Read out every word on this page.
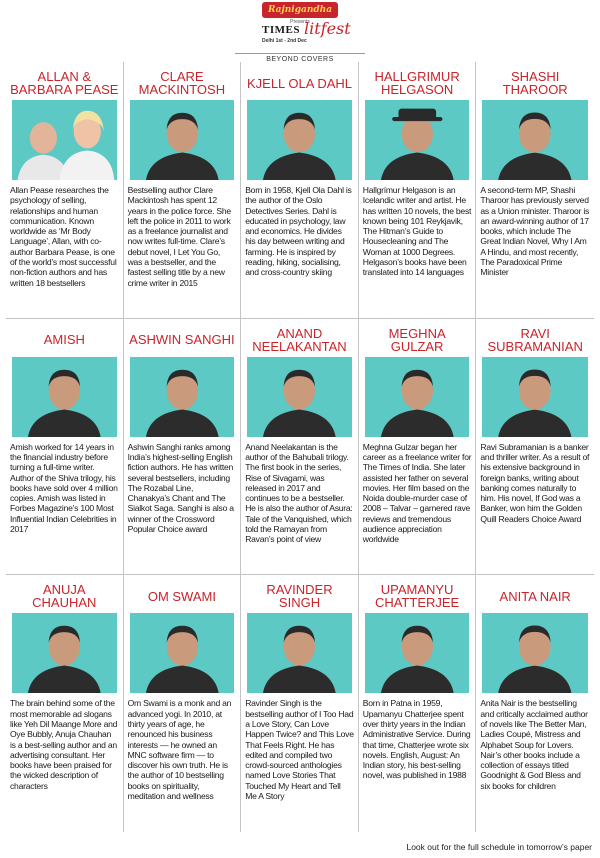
Rajnigandha
Presents
TIMES litfest
Delhi 1st - 2nd Dec
BEYOND COVERS
ALLAN & BARBARA PEASE
Allan Pease researches the psychology of selling, relationships and human communication. Known worldwide as ‘Mr Body Language’, Allan, with co-author Barbara Pease, is one of the world’s most successful non-fiction authors and has written 18 bestsellers
CLARE MACKINTOSH
Bestselling author Clare Mackintosh has spent 12 years in the police force. She left the police in 2011 to work as a freelance journalist and now writes full-time. Clare’s debut novel, I Let You Go, was a bestseller, and the fastest selling title by a new crime writer in 2015
KJELL OLA DAHL
Born in 1958, Kjell Ola Dahl is the author of the Oslo Detectives Series. Dahl is educated in psychology, law and economics. He divides his day between writing and farming. He is inspired by reading, hiking, socialising, and cross-country skiing
HALLGRIMUR HELGASON
Hallgrímur Helgason is an Icelandic writer and artist. He has written 10 novels, the best known being 101 Reykjavik, The Hitman’s Guide to Housecleaning and The Woman at 1000 Degrees. Helgason’s books have been translated into 14 languages
SHASHI THAROOR
A second-term MP, Shashi Tharoor has previously served as a Union minister. Tharoor is an award-winning author of 17 books, which include The Great Indian Novel, Why I Am A Hindu, and most recently, The Paradoxical Prime Minister
AMISH
Amish worked for 14 years in the financial industry before turning a full-time writer. Author of the Shiva trilogy, his books have sold over 4 million copies. Amish was listed in Forbes Magazine’s 100 Most Influential Indian Celebrities in 2017
ASHWIN SANGHI
Ashwin Sanghi ranks among India’s highest-selling English fiction authors. He has written several bestsellers, including The Rozabal Line, Chanakya’s Chant and The Sialkot Saga. Sanghi is also a winner of the Crossword Popular Choice award
ANAND NEELAKANTAN
Anand Neelakantan is the author of the Bahubali trilogy. The first book in the series, Rise of Sivagami, was released in 2017 and continues to be a bestseller. He is also the author of Asura: Tale of the Vanquished, which told the Ramayan from Ravan’s point of view
MEGHNA GULZAR
Meghna Gulzar began her career as a freelance writer for The Times of India. She later assisted her father on several movies. Her film based on the Noida double-murder case of 2008 – Talvar – garnered rave reviews and tremendous audience appreciation worldwide
RAVI SUBRAMANIAN
Ravi Subramanian is a banker and thriller writer. As a result of his extensive background in foreign banks, writing about banking comes naturally to him. His novel, If God was a Banker, won him the Golden Quill Readers Choice Award
ANUJA CHAUHAN
The brain behind some of the most memorable ad slogans like Yeh Dil Maange More and Oye Bubbly, Anuja Chauhan is a best-selling author and an advertising consultant. Her books have been praised for the wicked description of characters
OM SWAMI
Om Swami is a monk and an advanced yogi. In 2010, at thirty years of age, he renounced his business interests — he owned an MNC software firm — to discover his own truth. He is the author of 10 bestselling books on spirituality, meditation and wellness
RAVINDER SINGH
Ravinder Singh is the bestselling author of I Too Had a Love Story, Can Love Happen Twice? and This Love That Feels Right. He has edited and compiled two crowd-sourced anthologies named Love Stories That Touched My Heart and Tell Me A Story
UPAMANYU CHATTERJEE
Born in Patna in 1959, Upamanyu Chatterjee spent over thirty years in the Indian Administrative Service. During that time, Chatterjee wrote six novels. English, August: An Indian story, his best-selling novel, was published in 1988
ANITA NAIR
Anita Nair is the bestselling and critically acclaimed author of novels like The Better Man, Ladies Coupé, Mistress and Alphabet Soup for Lovers. Nair’s other books include a collection of essays titled Goodnight & God Bless and six books for children
Look out for the full schedule in tomorrow’s paper
